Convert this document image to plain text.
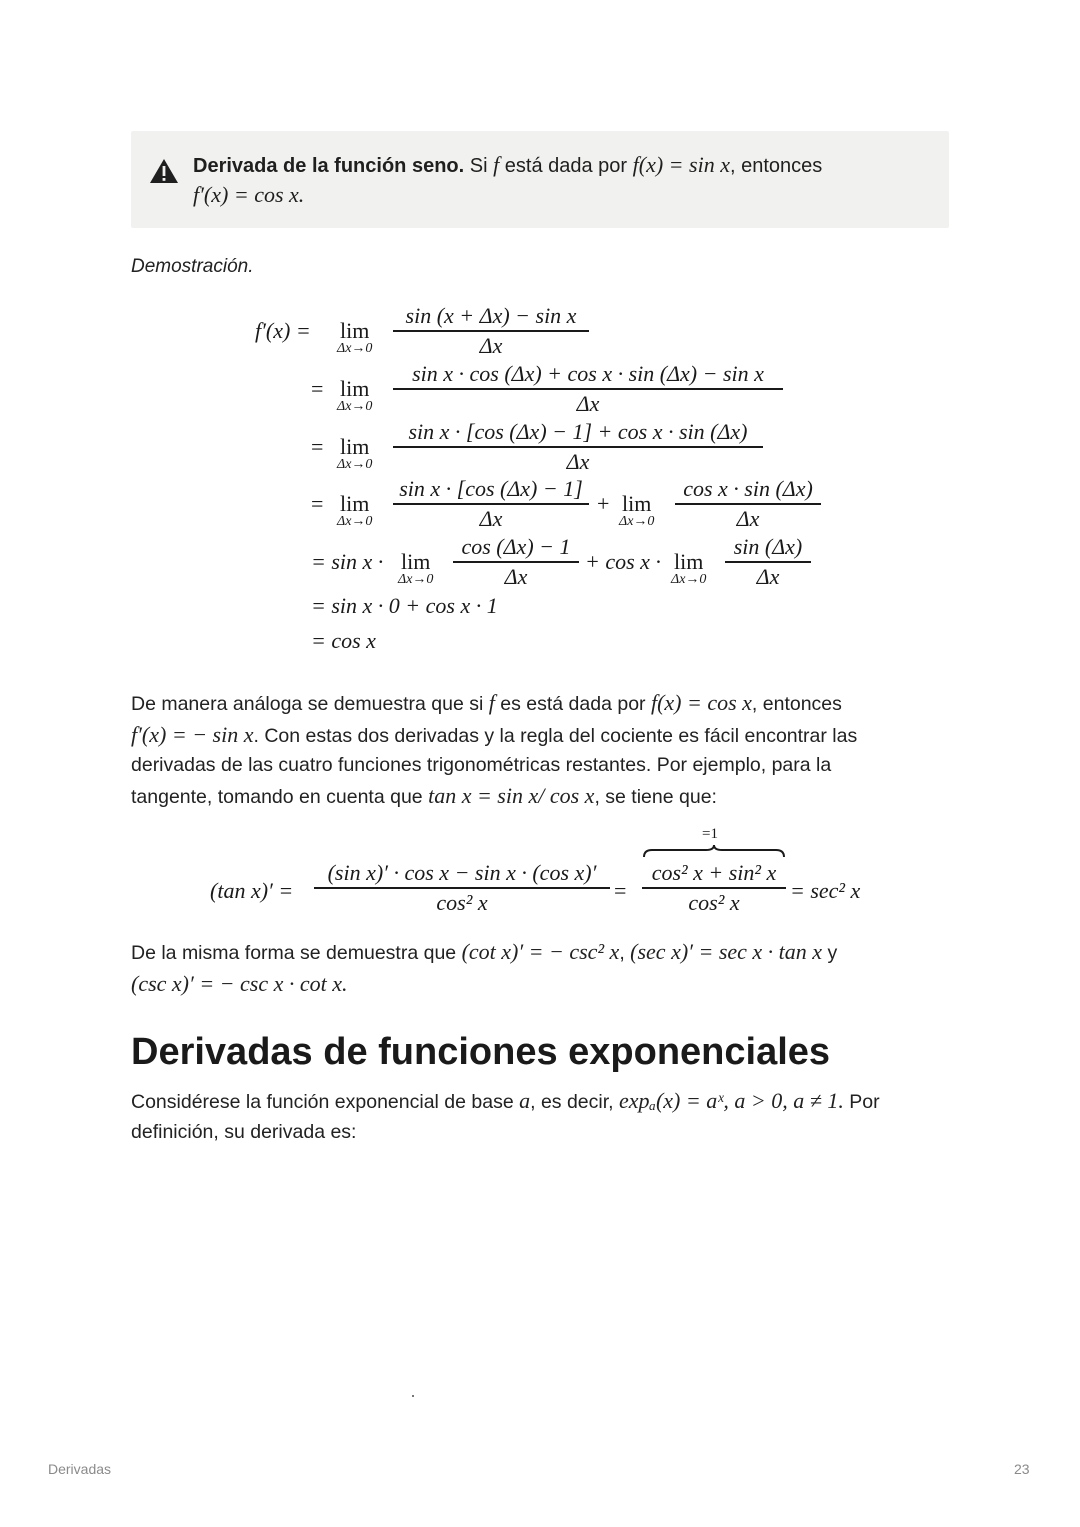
Derivada de la función seno. Si f está dada por f(x) = sin x, entonces
f′(x) = cos x.
Demostración.
f′(x) = lim
Δx→0
sin (x + Δx) − sin x
Δx
= lim
Δx→0
sin x · cos (Δx) + cos x · sin (Δx) − sin x
Δx
= lim
Δx→0
sin x · [cos (Δx) − 1] + cos x · sin (Δx)
Δx
= lim
Δx→0
sin x · [cos (Δx) − 1]
Δx
+ lim
Δx→0
cos x · sin (Δx)
Δx
= sin x · lim
Δx→0
cos (Δx) − 1
Δx
+ cos x · lim
Δx→0
sin (Δx)
Δx
= sin x · 0 + cos x · 1
= cos x
De manera análoga se demuestra que si f es está dada por f(x) = cos x, entonces
f′(x) = − sin x. Con estas dos derivadas y la regla del cociente es fácil encontrar las
derivadas de las cuatro funciones trigonométricas restantes. Por ejemplo, para la
tangente, tomando en cuenta que tan x = sin x/ cos x, se tiene que:
(tan x)′ =
(sin x)′ · cos x − sin x · (cos x)′
cos² x	=
=1
cos² x + sin² x
cos² x	= sec² x
De la misma forma se demuestra que (cot x)′ = − csc² x, (sec x)′ = sec x · tan x y
(csc x)′ = − csc x · cot x.
Derivadas de funciones exponenciales
Considérese la función exponencial de base a, es decir, expₐ(x) = aˣ, a > 0, a ≠ 1. Por
definición, su derivada es:
Derivadas	23
